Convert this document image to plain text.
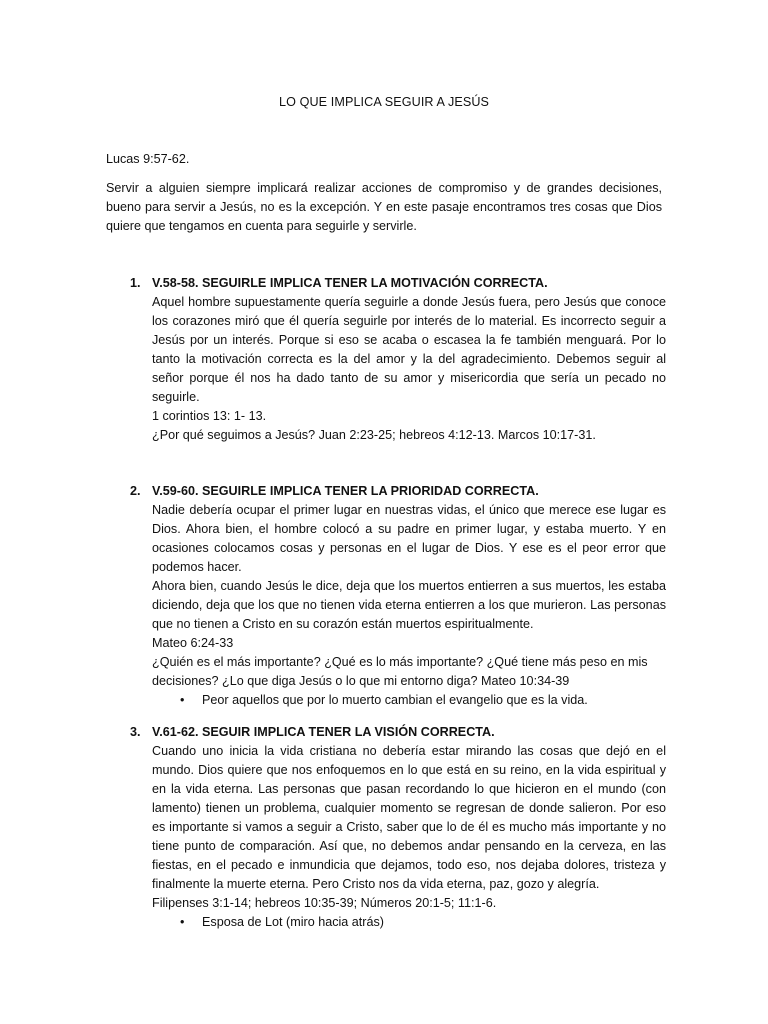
LO QUE IMPLICA SEGUIR A JESÚS
Lucas 9:57-62.

Servir a alguien siempre implicará realizar acciones de compromiso y de grandes decisiones, bueno para servir a Jesús, no es la excepción. Y en este pasaje encontramos tres cosas que Dios quiere que tengamos en cuenta para seguirle y servirle.

1. V.58-58. SEGUIRLE IMPLICA TENER LA MOTIVACIÓN CORRECTA.

Aquel hombre supuestamente quería seguirle a donde Jesús fuera, pero Jesús que conoce los corazones miró que él quería seguirle por interés de lo material. Es incorrecto seguir a Jesús por un interés. Porque si eso se acaba o escasea la fe también menguará. Por lo tanto la motivación correcta es la del amor y la del agradecimiento. Debemos seguir al señor porque él nos ha dado tanto de su amor y misericordia que sería un pecado no seguirle.

1 corintios 13: 1- 13.

¿Por qué seguimos a Jesús? Juan 2:23-25; hebreos 4:12-13. Marcos 10:17-31.

2. V.59-60. SEGUIRLE IMPLICA TENER LA PRIORIDAD CORRECTA.

Nadie debería ocupar el primer lugar en nuestras vidas, el único que merece ese lugar es Dios. Ahora bien, el hombre colocó a su padre en primer lugar, y estaba muerto. Y en ocasiones colocamos cosas y personas en el lugar de Dios. Y ese es el peor error que podemos hacer.

Ahora bien, cuando Jesús le dice, deja que los muertos entierren a sus muertos, les estaba diciendo, deja que los que no tienen vida eterna entierren a los que murieron. Las personas que no tienen a Cristo en su corazón están muertos espiritualmente.

Mateo 6:24-33

¿Quién es el más importante? ¿Qué es lo más importante? ¿Qué tiene más peso en mis decisiones? ¿Lo que diga Jesús o lo que mi entorno diga? Mateo 10:34-39

• Peor aquellos que por lo muerto cambian el evangelio que es la vida.
3. V.61-62. SEGUIR IMPLICA TENER LA VISIÓN CORRECTA.

Cuando uno inicia la vida cristiana no debería estar mirando las cosas que dejó en el mundo. Dios quiere que nos enfoquemos en lo que está en su reino, en la vida espiritual y en la vida eterna. Las personas que pasan recordando lo que hicieron en el mundo (con lamento) tienen un problema, cualquier momento se regresan de donde salieron. Por eso es importante si vamos a seguir a Cristo, saber que lo de él es mucho más importante y no tiene punto de comparación. Así que, no debemos andar pensando en la cerveza, en las fiestas, en el pecado e inmundicia que dejamos, todo eso, nos dejaba dolores, tristeza y finalmente la muerte eterna. Pero Cristo nos da vida eterna, paz, gozo y alegría.

Filipenses 3:1-14; hebreos 10:35-39; Números 20:1-5; 11:1-6.

• Esposa de Lot (miro hacia atrás)
